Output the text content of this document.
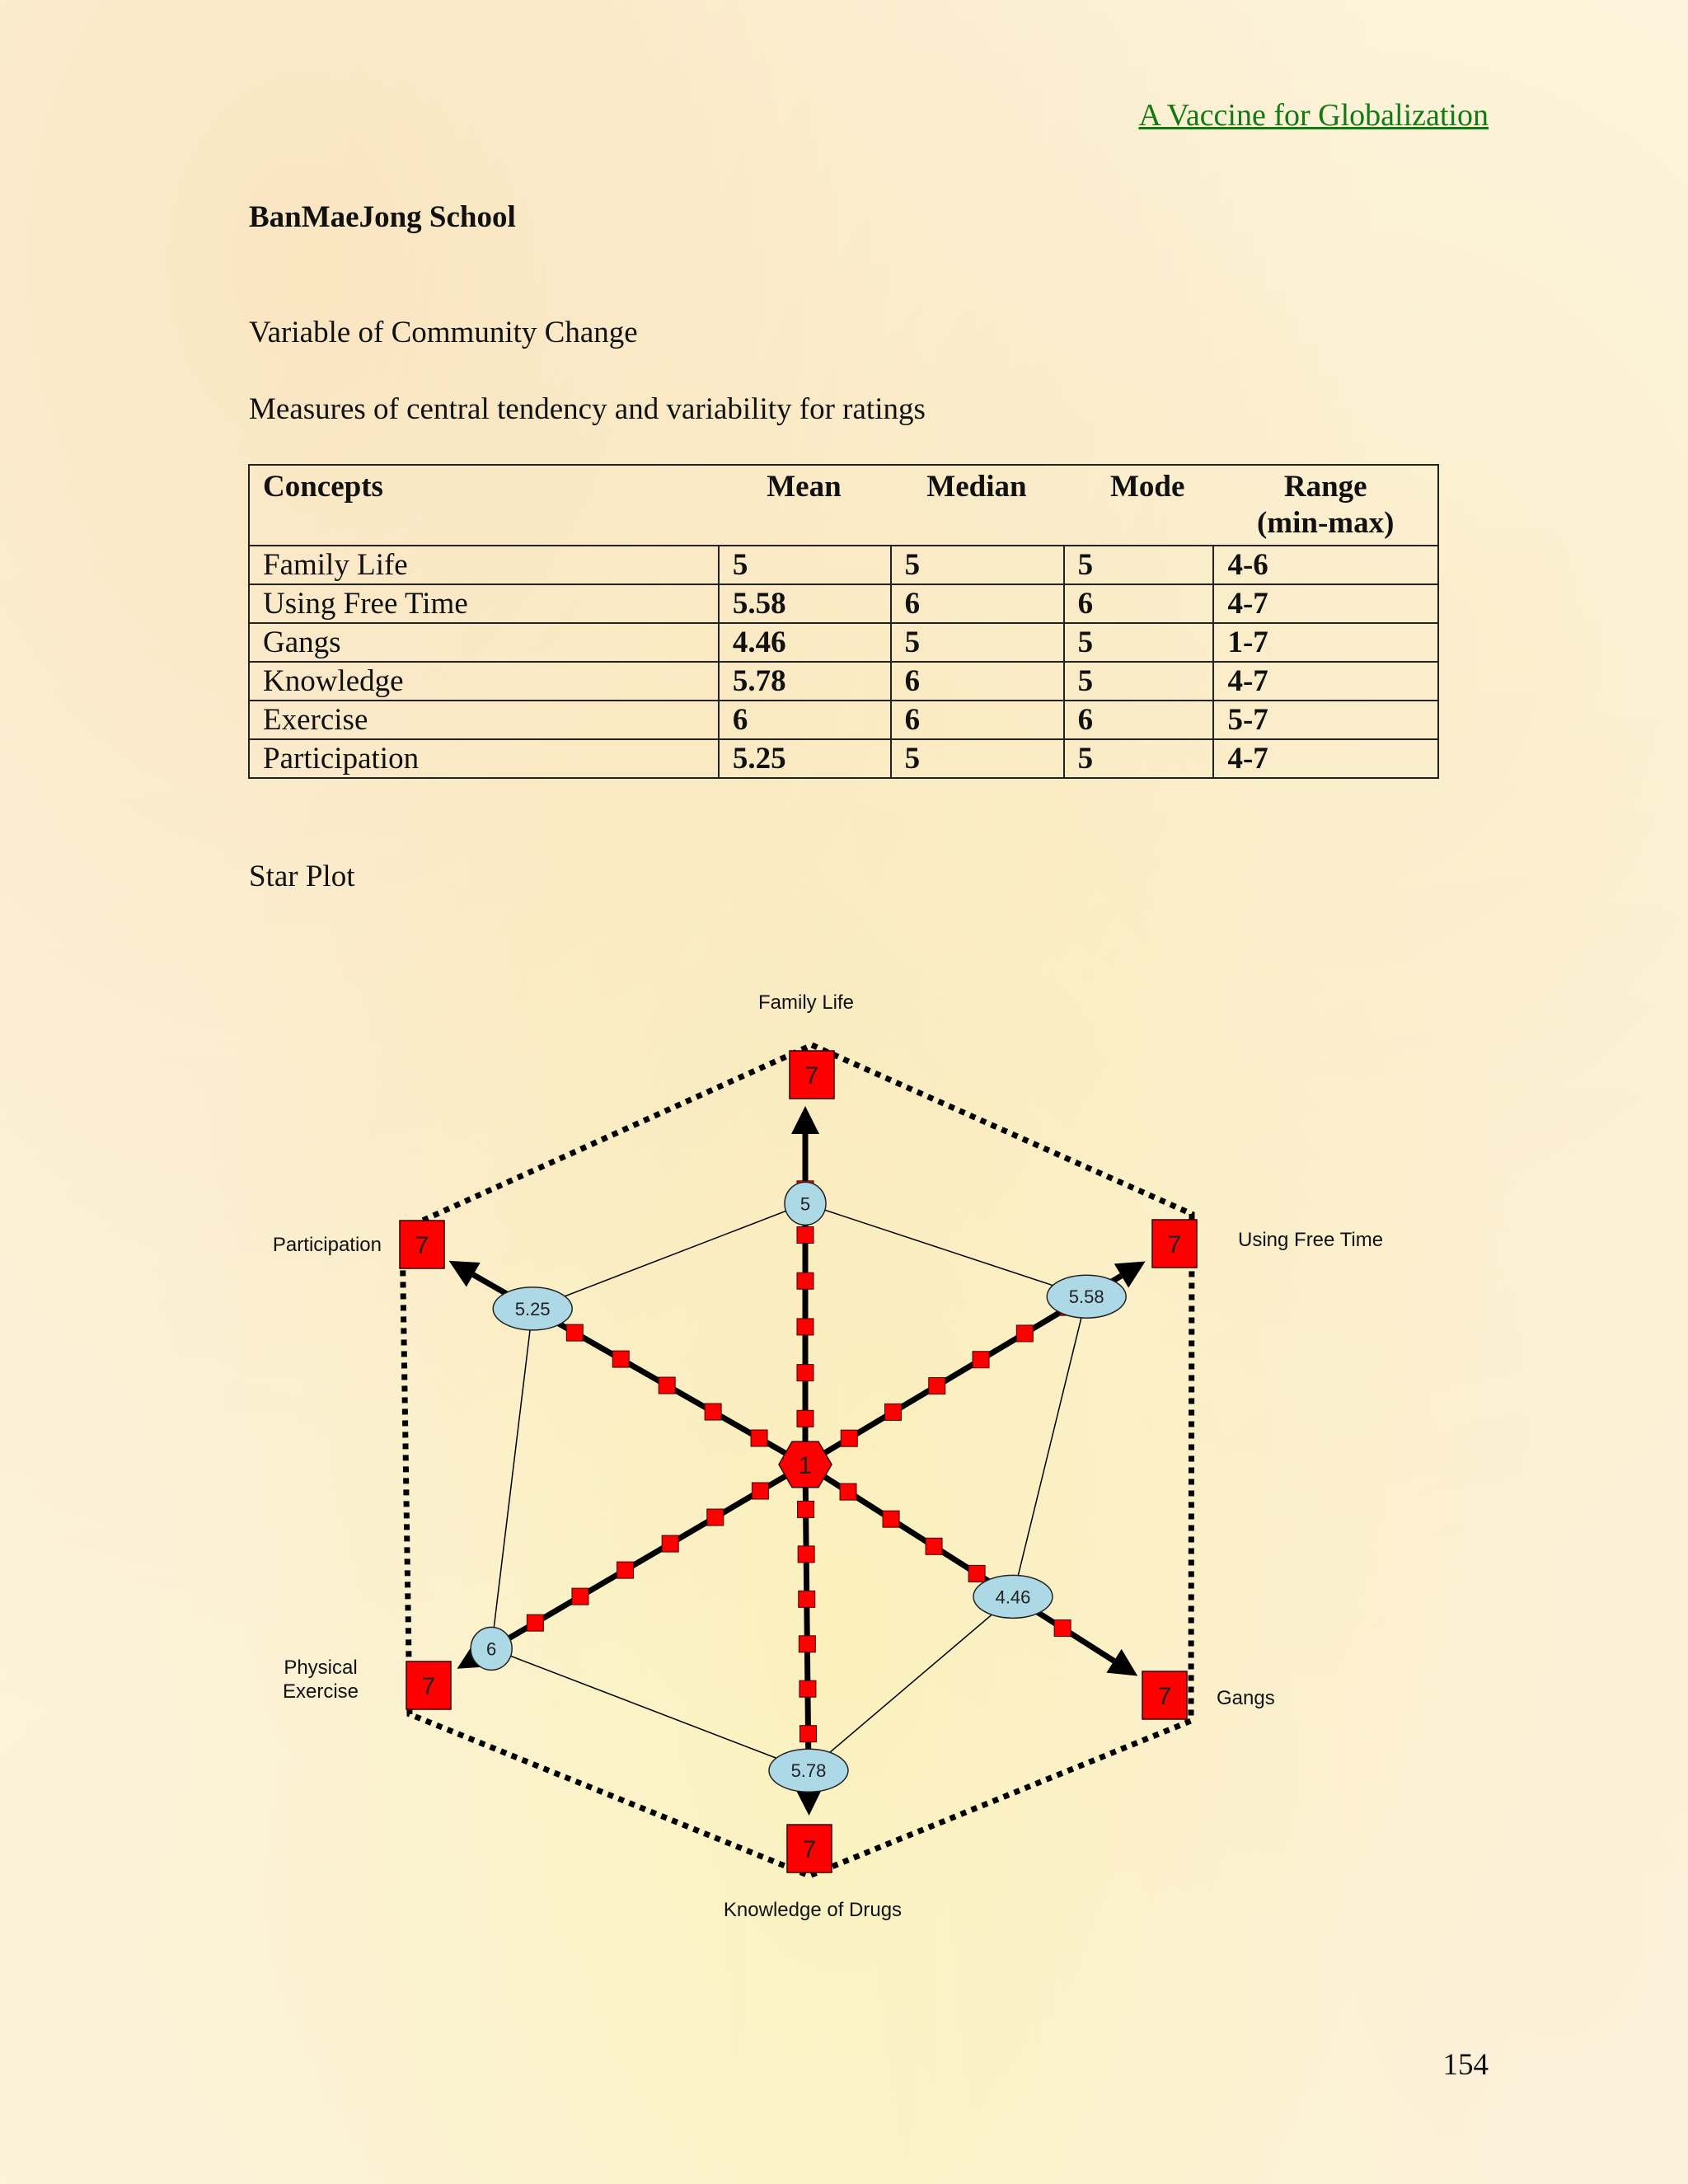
A Vaccine for Globalization
BanMaeJong School
Variable of Community Change
Measures of central tendency and variability for ratings
Concepts	Mean	Median	Mode	Range
(min-max)

Family Life	5	5	5	4-6
Using Free Time	5.58	6	6	4-7
Gangs	4.46	5	5	1-7
Knowledge	5.78	6	5	4-7
Exercise	6	6	6	5-7
Participation	5.25	5	5	4-7
Star Plot
1
7
7
7
7
7
7
5
5.58
4.46
5.78
6
5.25
Family Life
Using Free Time
Gangs
Knowledge of Drugs
Physical Exercise
Participation
154
